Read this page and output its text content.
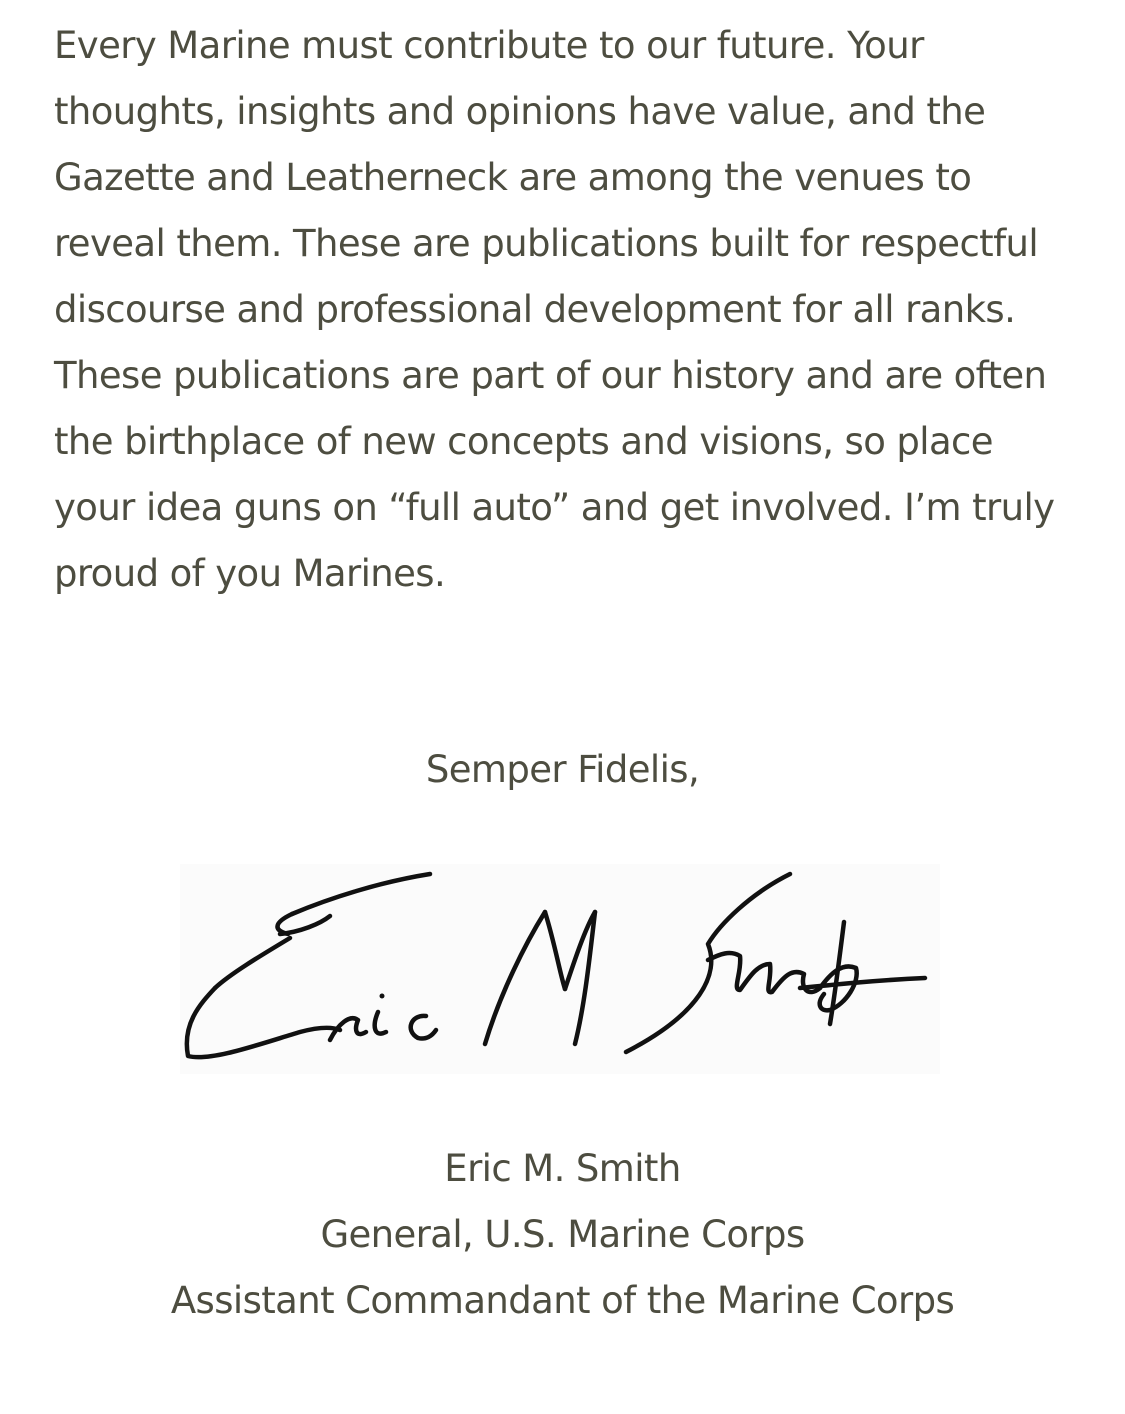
Every Marine must contribute to our future. Your thoughts, insights and opinions have value, and the Gazette and Leatherneck are among the venues to reveal them. These are publications built for respectful discourse and professional development for all ranks. These publications are part of our history and are often the birthplace of new concepts and visions, so place your idea guns on “full auto” and get involved. I’m truly proud of you Marines.

Semper Fidelis,

Eric M. Smith
General, U.S. Marine Corps
Assistant Commandant of the Marine Corps
